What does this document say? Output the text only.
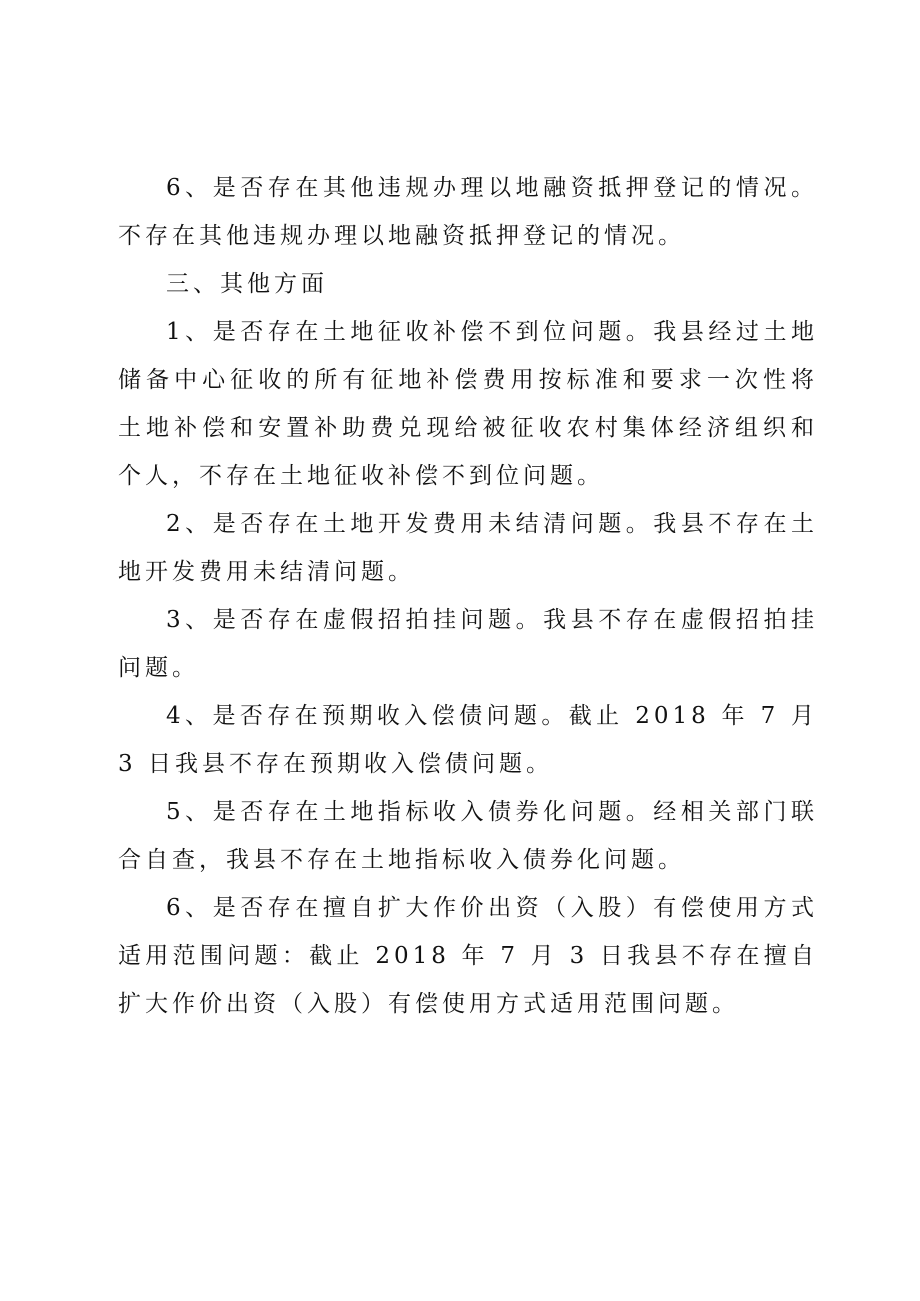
6、是否存在其他违规办理以地融资抵押登记的情况。不存在其他违规办理以地融资抵押登记的情况。

三、其他方面

1、是否存在土地征收补偿不到位问题。我县经过土地储备中心征收的所有征地补偿费用按标准和要求一次性将土地补偿和安置补助费兑现给被征收农村集体经济组织和个人，不存在土地征收补偿不到位问题。

2、是否存在土地开发费用未结清问题。我县不存在土地开发费用未结清问题。

3、是否存在虚假招拍挂问题。我县不存在虚假招拍挂问题。

4、是否存在预期收入偿债问题。截止 2018 年 7 月 3 日我县不存在预期收入偿债问题。

5、是否存在土地指标收入债券化问题。经相关部门联合自查，我县不存在土地指标收入债券化问题。

6、是否存在擅自扩大作价出资（入股）有偿使用方式适用范围问题：截止 2018 年 7 月 3 日我县不存在擅自扩大作价出资（入股）有偿使用方式适用范围问题。
